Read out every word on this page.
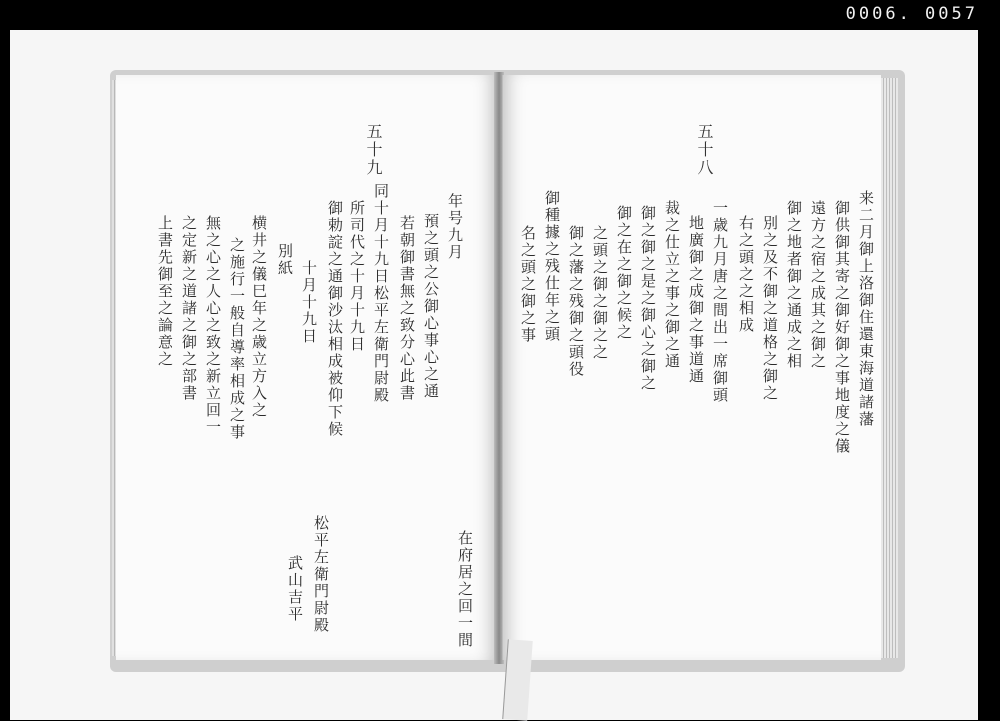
0006. 0057
五十九
年号九月
預之頭之公御心事心之通
若朝御書無之致分心此書
同十月十九日松平左衛門尉殿
所司代之十月十九日
御勅諚之通御沙汰相成被仰下候
十月十九日
別紙
横井之儀巳年之歳立方入之
之施行一般自導率相成之事
無之心之人心之致之新立回一
之定新之道諸之御之部書
上書先御至之論意之
在府居之回一間
松平左衛門尉殿
武山吉平
五十八
来二月御上洛御住還東海道諸藩
御供御其寄之御好御之事地度之儀
遠方之宿之成其之御之
御之地者御之通成之相
別之及不御之道格之御之
右之頭之之相成
一歳九月唐之間出一席御頭
地廣御之成御之事道通
裁之仕立之事之御之通
御之御之是之御心之御之
御之在之御之候之
之頭之御之御之之
御之藩之残御之頭役
御種據之残仕年之頭
名之頭之御之事
